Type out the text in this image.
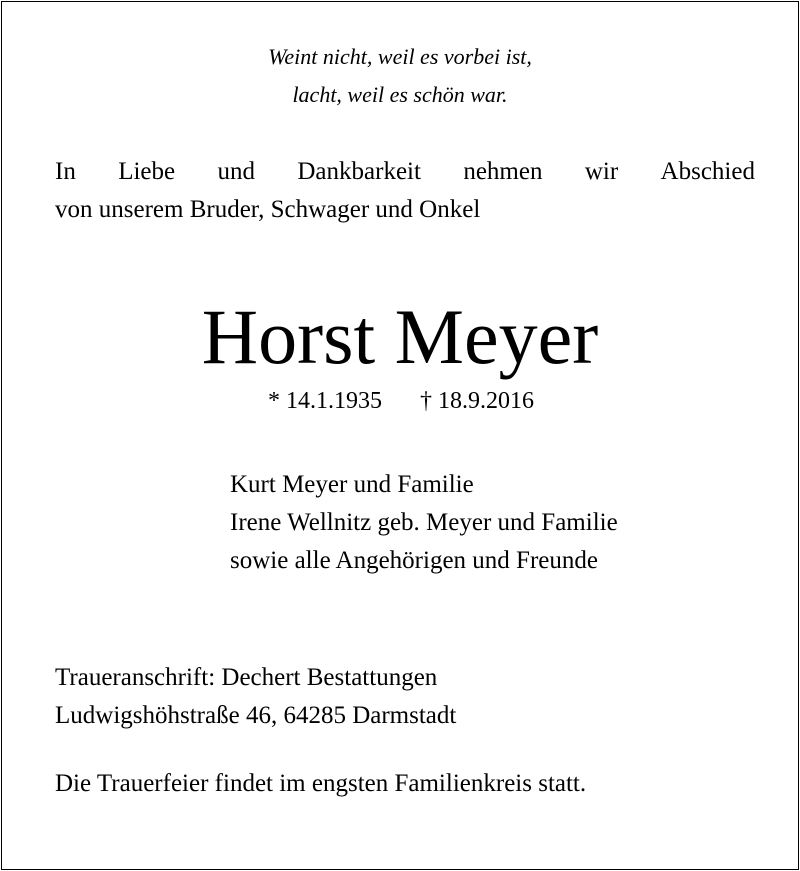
Weint nicht, weil es vorbei ist,
lacht, weil es schön war.
In Liebe und Dankbarkeit nehmen wir Abschied
von unserem Bruder, Schwager und Onkel
Horst Meyer
* 14.1.1935 † 18.9.2016
Kurt Meyer und Familie
Irene Wellnitz geb. Meyer und Familie
sowie alle Angehörigen und Freunde
Traueranschrift: Dechert Bestattungen
Ludwigshöhstraße 46, 64285 Darmstadt
Die Trauerfeier findet im engsten Familienkreis statt.
